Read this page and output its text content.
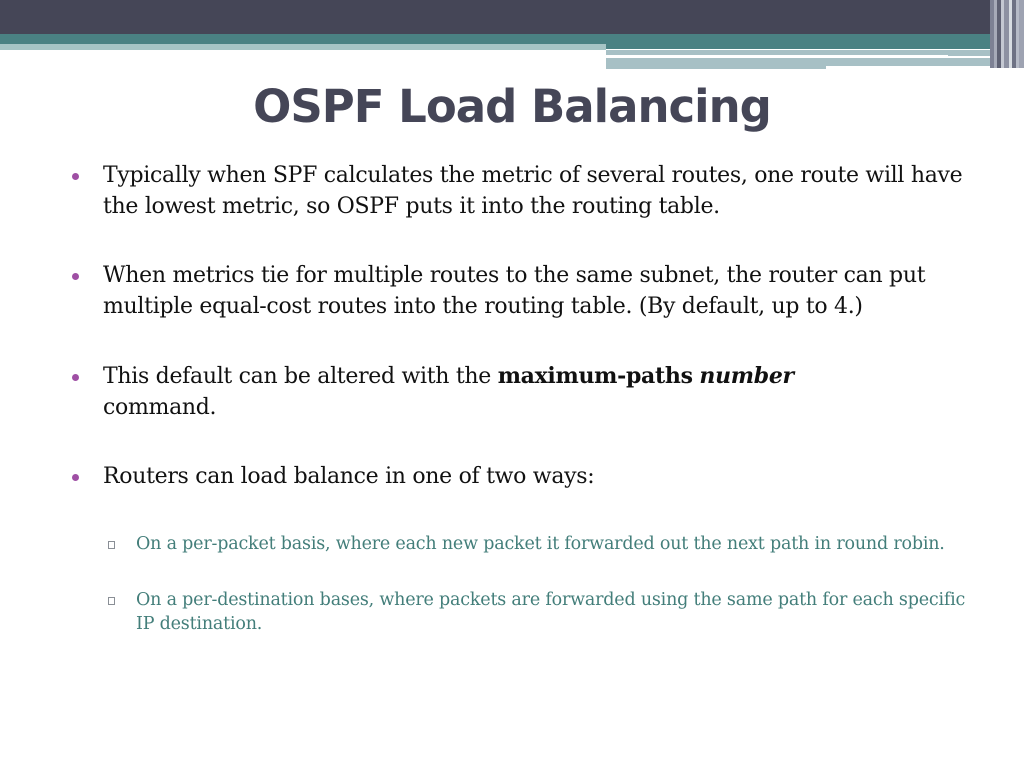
OSPF Load Balancing
Typically when SPF calculates the metric of several routes, one route will have the lowest metric, so OSPF puts it into the routing table.
When metrics tie for multiple routes to the same subnet, the router can put multiple equal-cost routes into the routing table. (By default, up to 4.)
This default can be altered with the maximum-paths number command.
Routers can load balance in one of two ways:
On a per-packet basis, where each new packet it forwarded out the next path in round robin.
On a per-destination bases, where packets are forwarded using the same path for each specific IP destination.
